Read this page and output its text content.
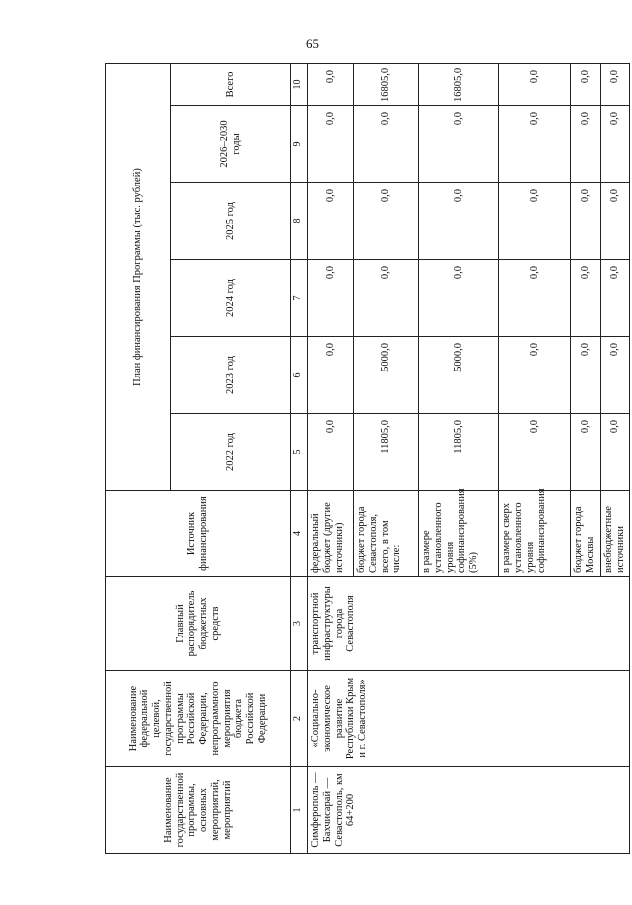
65
Наименование государственной программы, основных мероприятий, мероприятий	Наименование федеральной целевой, государственной программы Российской Федерации, непрограммного мероприятия бюджета Российской Федерации	Главный распорядитель бюджетных средств	Источник финансирования	План финансирования Программы (тыс. рублей)					
				2022 год	2023 год	2024 год	2025 год	2026–2030 годы	Всего
1	2	3	4	5	6	7	8	9	10
Симферополь — Бахчисарай — Севастополь, км 64+200	«Социально-экономическое развитие Республики Крым и г. Севастополя»	транспортной инфраструктуры города Севастополя	федеральный бюджет (другие источники)	0,0	0,0	0,0	0,0	0,0	0,0
			бюджет города Севастополя, всего, в том числе:	11805,0	5000,0	0,0	0,0	0,0	16805,0
			в размере установленного уровня софинансирования (5%)	11805,0	5000,0	0,0	0,0	0,0	16805,0
			в размере сверх установленного уровня софинансирования	0,0	0,0	0,0	0,0	0,0	0,0
			бюджет города Москвы	0,0	0,0	0,0	0,0	0,0	0,0
			внебюджетные источники	0,0	0,0	0,0	0,0	0,0	0,0
